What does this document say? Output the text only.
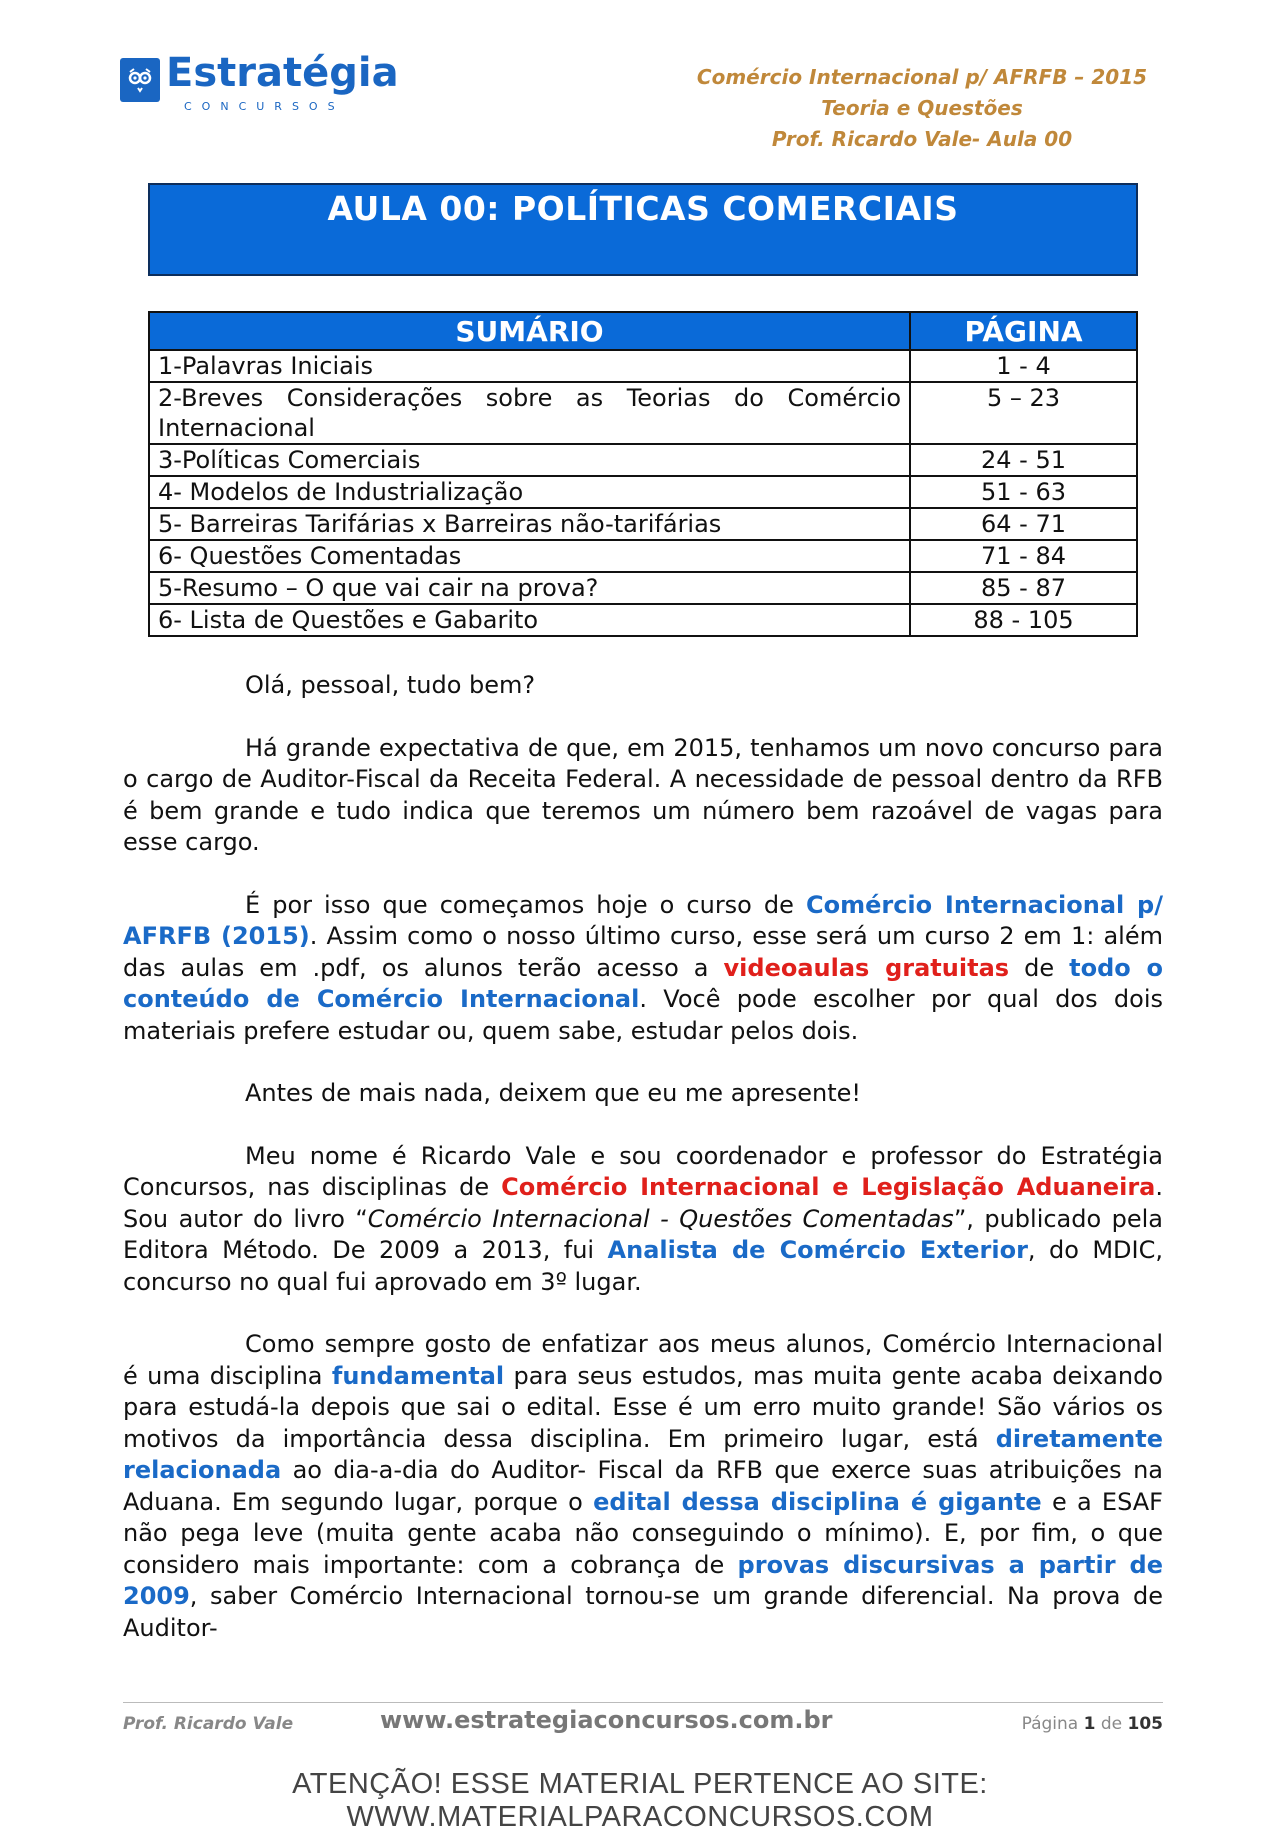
Estratégia
CONCURSOS
Comércio Internacional p/ AFRFB – 2015
Teoria e Questões
Prof. Ricardo Vale- Aula 00
AULA 00: POLÍTICAS COMERCIAIS
SUMÁRIO	PÁGINA
1-Palavras Iniciais	1 - 4
2-Breves Considerações sobre as Teorias do Comércio Internacional	5 – 23
3-Políticas Comerciais	24 - 51
4- Modelos de Industrialização	51 - 63
5- Barreiras Tarifárias x Barreiras não-tarifárias	64 - 71
6- Questões Comentadas	71 - 84
5-Resumo – O que vai cair na prova?	85 - 87
6- Lista de Questões e Gabarito	88 - 105

Olá, pessoal, tudo bem?

Há grande expectativa de que, em 2015, tenhamos um novo concurso para o cargo de Auditor-Fiscal da Receita Federal. A necessidade de pessoal dentro da RFB é bem grande e tudo indica que teremos um número bem razoável de vagas para esse cargo.

É por isso que começamos hoje o curso de Comércio Internacional p/ AFRFB (2015). Assim como o nosso último curso, esse será um curso 2 em 1: além das aulas em .pdf, os alunos terão acesso a videoaulas gratuitas de todo o conteúdo de Comércio Internacional. Você pode escolher por qual dos dois materiais prefere estudar ou, quem sabe, estudar pelos dois.

Antes de mais nada, deixem que eu me apresente!

Meu nome é Ricardo Vale e sou coordenador e professor do Estratégia Concursos, nas disciplinas de Comércio Internacional e Legislação Aduaneira. Sou autor do livro “Comércio Internacional - Questões Comentadas”, publicado pela Editora Método. De 2009 a 2013, fui Analista de Comércio Exterior, do MDIC, concurso no qual fui aprovado em 3º lugar.

Como sempre gosto de enfatizar aos meus alunos, Comércio Internacional é uma disciplina fundamental para seus estudos, mas muita gente acaba deixando para estudá-la depois que sai o edital. Esse é um erro muito grande! São vários os motivos da importância dessa disciplina. Em primeiro lugar, está diretamente relacionada ao dia-a-dia do Auditor- Fiscal da RFB que exerce suas atribuições na Aduana. Em segundo lugar, porque o edital dessa disciplina é gigante e a ESAF não pega leve (muita gente acaba não conseguindo o mínimo). E, por fim, o que considero mais importante: com a cobrança de provas discursivas a partir de 2009, saber Comércio Internacional tornou-se um grande diferencial. Na prova de Auditor-

Prof. Ricardo Vale	www.estrategiaconcursos.com.br	Página 1 de 105
ATENÇÃO! ESSE MATERIAL PERTENCE AO SITE: WWW.MATERIALPARACONCURSOS.COM
